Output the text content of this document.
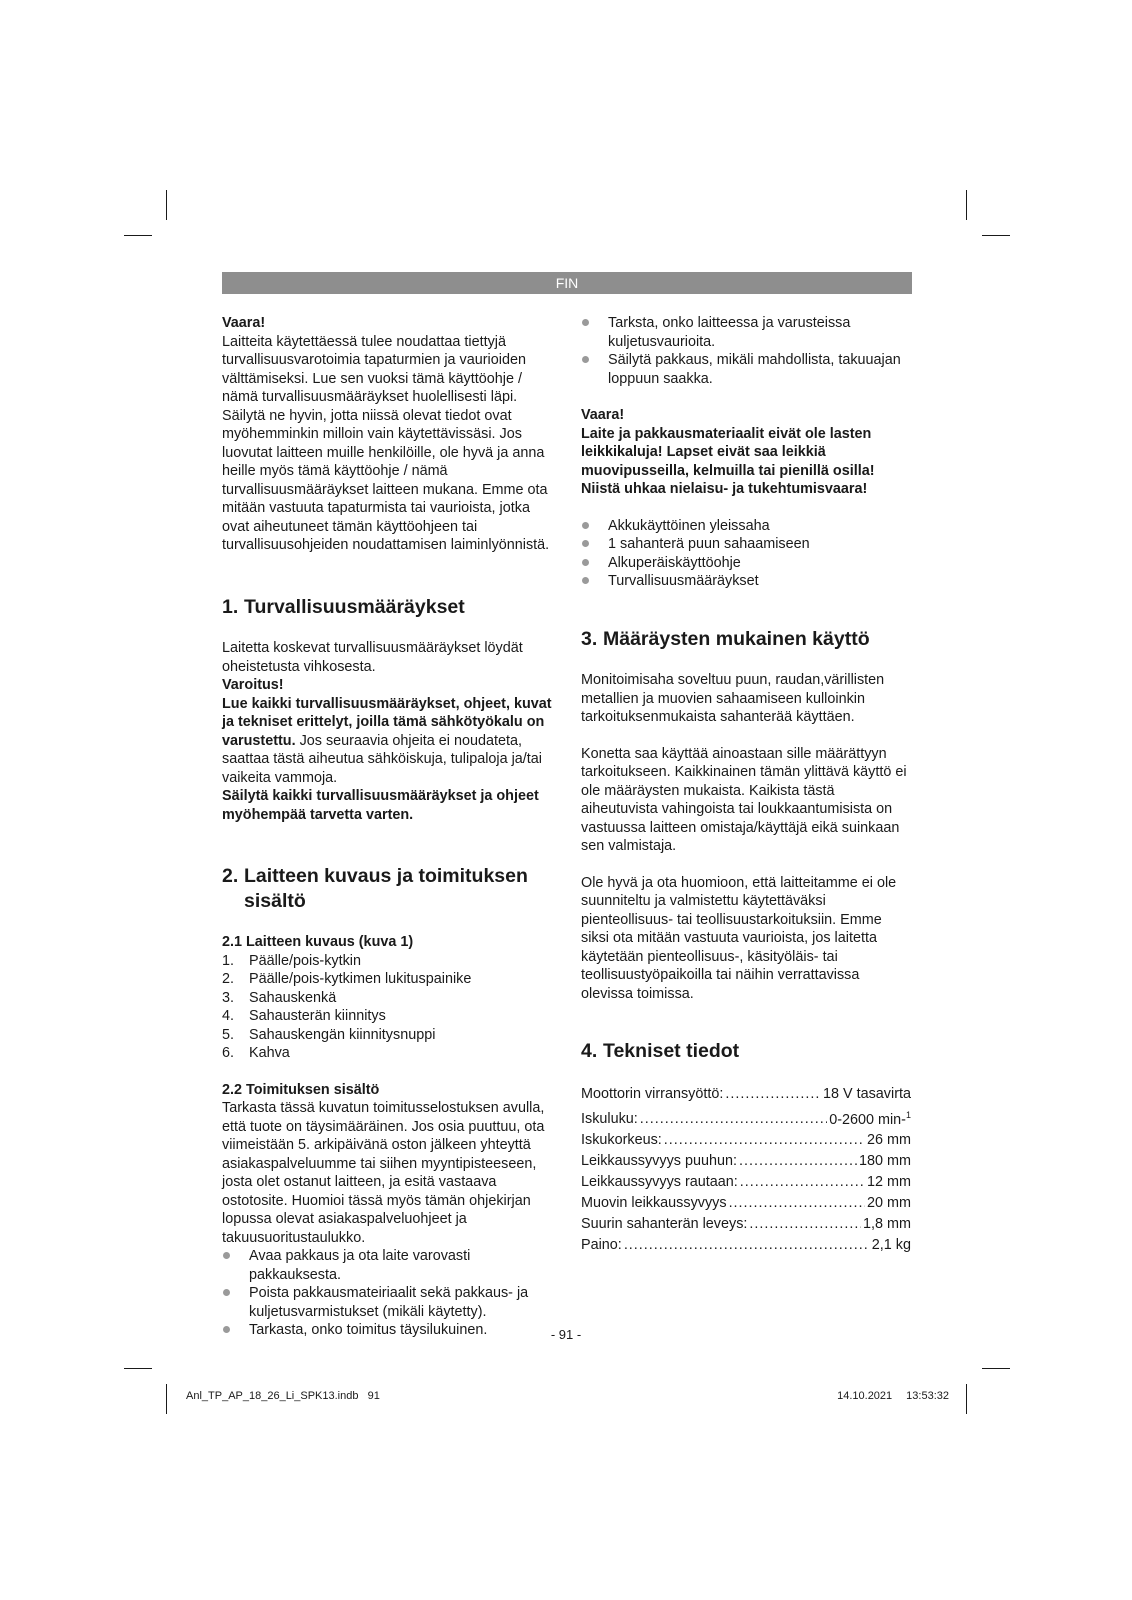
FIN

Vaara!

Laitteita käytettäessä tulee noudattaa tiettyjä turvallisuusvarotoimia tapaturmien ja vaurioiden välttämiseksi. Lue sen vuoksi tämä käyttöohje / nämä turvallisuusmääräykset huolellisesti läpi. Säilytä ne hyvin, jotta niissä olevat tiedot ovat myöhemminkin milloin vain käytettävissäsi. Jos luovutat laitteen muille henkilöille, ole hyvä ja anna heille myös tämä käyttöohje / nämä turvallisuusmääräykset laitteen mukana. Emme ota mitään vastuuta tapaturmista tai vaurioista, jotka ovat aiheutuneet tämän käyttöohjeen tai turvallisuusohjeiden noudattamisen laiminlyönnistä.

1. Turvallisuusmääräykset

Laitetta koskevat turvallisuusmääräykset löydät oheistetusta vihkosesta.

Varoitus!

Lue kaikki turvallisuusmääräykset, ohjeet, kuvat ja tekniset erittelyt, joilla tämä sähkötyökalu on varustettu. Jos seuraavia ohjeita ei noudateta, saattaa tästä aiheutua sähköiskuja, tulipaloja ja/tai vaikeita vammoja.

Säilytä kaikki turvallisuusmääräykset ja ohjeet myöhempää tarvetta varten.

2. Laitteen kuvaus ja toimituksen
sisältö
2.1 Laitteen kuvaus (kuva 1)
1. Päälle/pois-kytkin
2. Päälle/pois-kytkimen lukituspainike
3. Sahauskenkä
4. Sahausterän kiinnitys
5. Sahauskengän kiinnitysnuppi
6. Kahva
2.2 Toimituksen sisältö

Tarkasta tässä kuvatun toimitusselostuksen avulla, että tuote on täysimääräinen. Jos osia puuttuu, ota viimeistään 5. arkipäivänä oston jälkeen yhteyttä asiakaspalveluumme tai siihen myyntipisteeseen, josta olet ostanut laitteen, ja esitä vastaava ostotosite. Huomioi tässä myös tämän ohjekirjan lopussa olevat asiakaspalveluohjeet ja takuusuoritustaulukko.

Avaa pakkaus ja ota laite varovasti pakkauksesta.
Poista pakkausmateiriaalit sekä pakkaus- ja kuljetusvarmistukset (mikäli käytetty).
Tarkasta, onko toimitus täysilukuinen.
Tarksta, onko laitteessa ja varusteissa kuljetusvaurioita.
Säilytä pakkaus, mikäli mahdollista, takuuajan loppuun saakka.

Vaara!

Laite ja pakkausmateriaalit eivät ole lasten leikkikaluja! Lapset eivät saa leikkiä muovipusseilla, kelmuilla tai pienillä osilla! Niistä uhkaa nielaisu- ja tukehtumisvaara!

Akkukäyttöinen yleissaha
1 sahanterä puun sahaamiseen
Alkuperäiskäyttöohje
Turvallisuusmääräykset
3. Määräysten mukainen käyttö

Monitoimisaha soveltuu puun, raudan,värillisten metallien ja muovien sahaamiseen kulloinkin tarkoituksenmukaista sahanterää käyttäen.

Konetta saa käyttää ainoastaan sille määrättyyn tarkoitukseen. Kaikkinainen tämän ylittävä käyttö ei ole määräysten mukaista. Kaikista tästä aiheutuvista vahingoista tai loukkaantumisista on vastuussa laitteen omistaja/käyttäjä eikä suinkaan sen valmistaja.

Ole hyvä ja ota huomioon, että laitteitamme ei ole suunniteltu ja valmistettu käytettäväksi pienteollisuus- tai teollisuustarkoituksiin. Emme siksi ota mitään vastuuta vaurioista, jos laitetta käytetään pienteollisuus-, käsityöläis- tai teollisuustyöpaikoilla tai näihin verrattavissa olevissa toimissa.

4. Tekniset tiedot
Moottorin virransyöttö: .....	18 V tasavirta
Iskuluku: .....	0-2600 min-$^1$
Iskukorkeus: .....	26 mm
Leikkaussyvyys puuhun: .....	180 mm
Leikkaussyvyys rautaan: .....	12 mm
Muovin leikkaussyvyys .....	20 mm
Suurin sahanterän leveys: .....	1,8 mm
Paino: .....	2,1 kg
- 91 -
Anl_TP_AP_18_26_Li_SPK13.indb   91	14.10.2021 13:53:32
